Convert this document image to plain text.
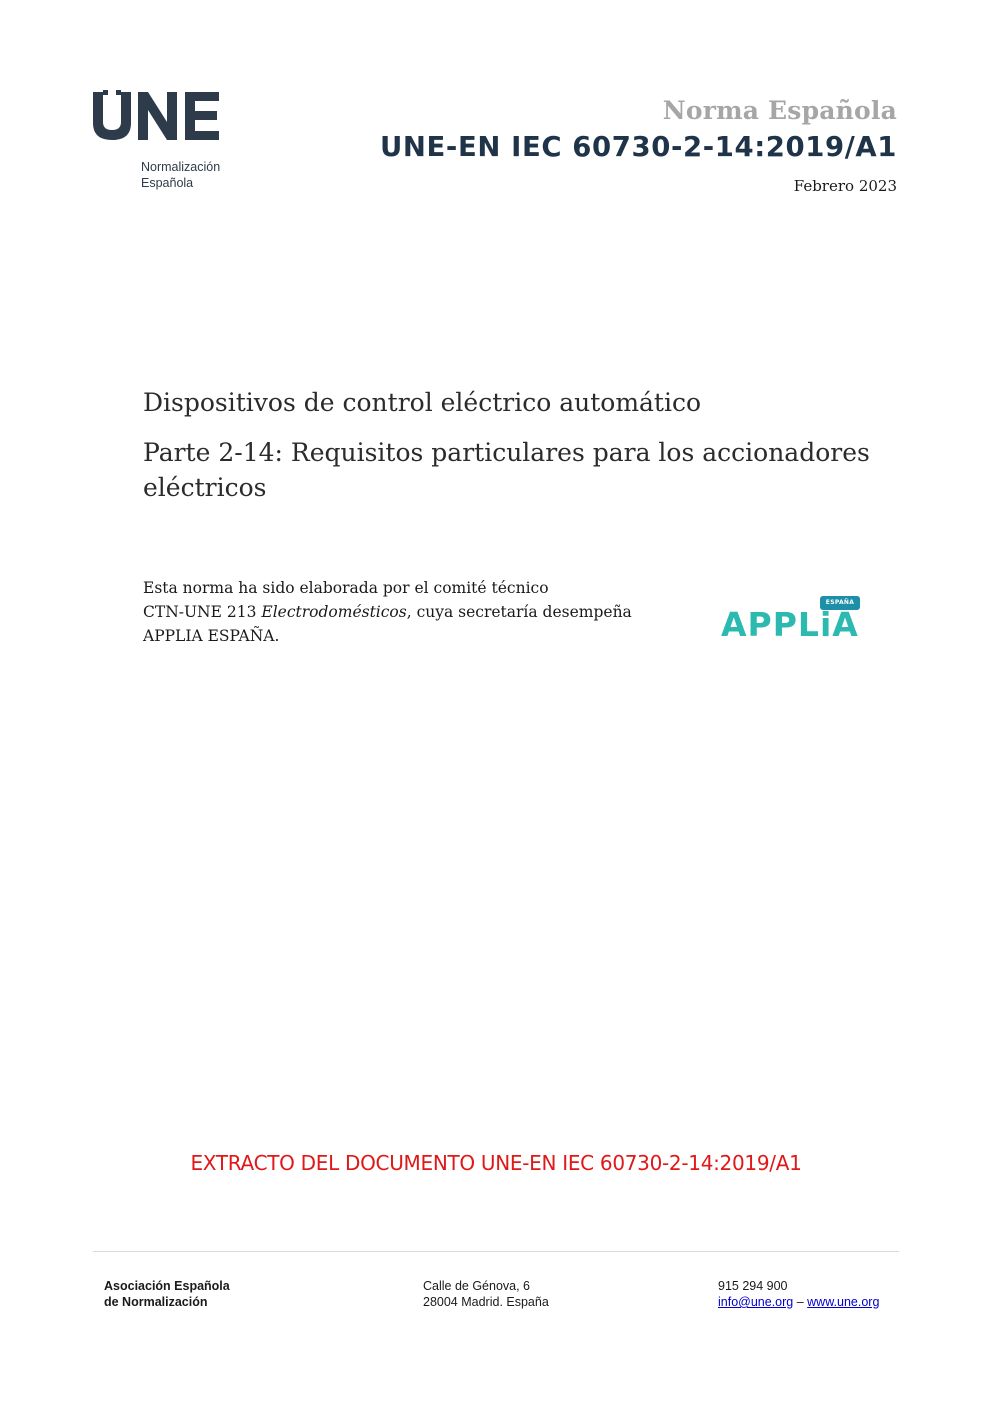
Normalización
Española
Norma Española
UNE-EN IEC 60730-2-14:2019/A1
Febrero 2023
Dispositivos de control eléctrico automático
Parte 2-14: Requisitos particulares para los accionadores
eléctricos
Esta norma ha sido elaborada por el comité técnico
CTN-UNE 213 Electrodomésticos, cuya secretaría desempeña
APPLIA ESPAÑA.
ESPAÑA
APPLiA
EXTRACTO DEL DOCUMENTO UNE-EN IEC 60730-2-14:2019/A1
Asociación Española
de Normalización
Calle de Génova, 6
28004 Madrid. España
915 294 900
info@une.org – www.une.org
